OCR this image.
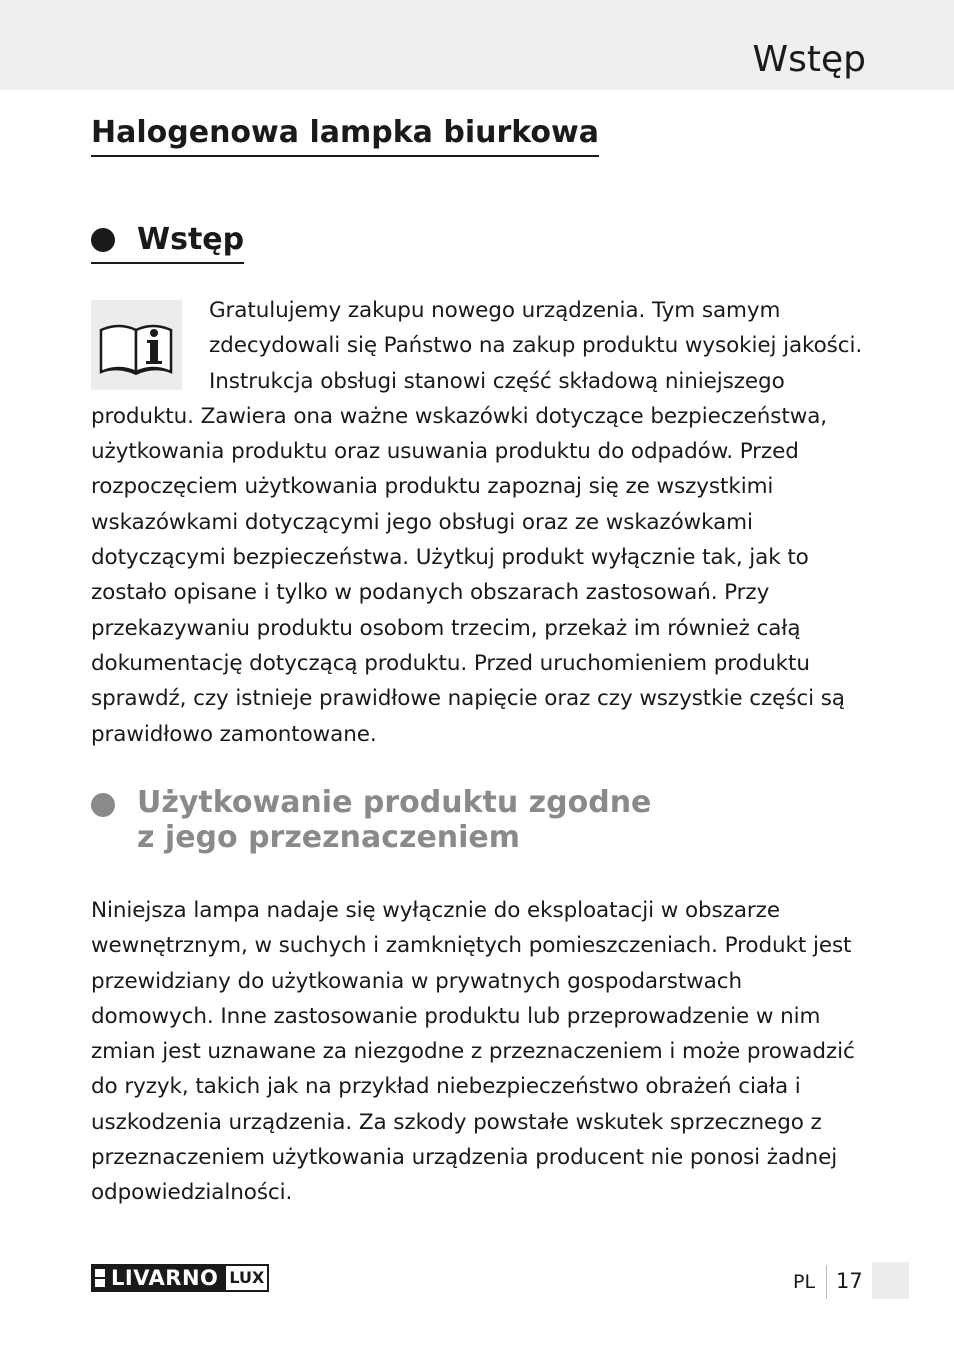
Wstęp
Halogenowa lampka biurkowa
Wstęp

Gratulujemy zakupu nowego urządzenia. Tym samym zdecydowali się Państwo na zakup produktu wysokiej jakości. Instrukcja obsługi stanowi część składową niniejszego produktu. Zawiera ona ważne wskazówki dotyczące bezpieczeństwa, użytkowania produktu oraz usuwania produktu do odpadów. Przed rozpoczęciem użytkowania produktu zapoznaj się ze wszystkimi wskazówkami dotyczącymi jego obsługi oraz ze wskazówkami dotyczącymi bezpieczeństwa. Użytkuj produkt wyłącznie tak, jak to zostało opisane i tylko w podanych obszarach zastosowań. Przy przekazywaniu produktu osobom trzecim, przekaż im również całą dokumentację dotyczącą produktu. Przed uruchomieniem produktu sprawdź, czy istnieje prawidłowe napięcie oraz czy wszystkie części są prawidłowo zamontowane.

Użytkowanie produktu zgodne
z jego przeznaczeniem

Niniejsza lampa nadaje się wyłącznie do eksploatacji w obszarze wewnętrznym, w suchych i zamkniętych pomieszczeniach. Produkt jest przewidziany do użytkowania w prywatnych gospodarstwach domowych. Inne zastosowanie produktu lub przeprowadzenie w nim zmian jest uznawane za niezgodne z przeznaczeniem i może prowadzić do ryzyk, takich jak na przykład niebezpieczeństwo obrażeń ciała i uszkodzenia urządzenia. Za szkody powstałe wskutek sprzecznego z przeznaczeniem użytkowania urządzenia producent nie ponosi żadnej odpowiedzialności.

LIVARNO LUX	PL 17
